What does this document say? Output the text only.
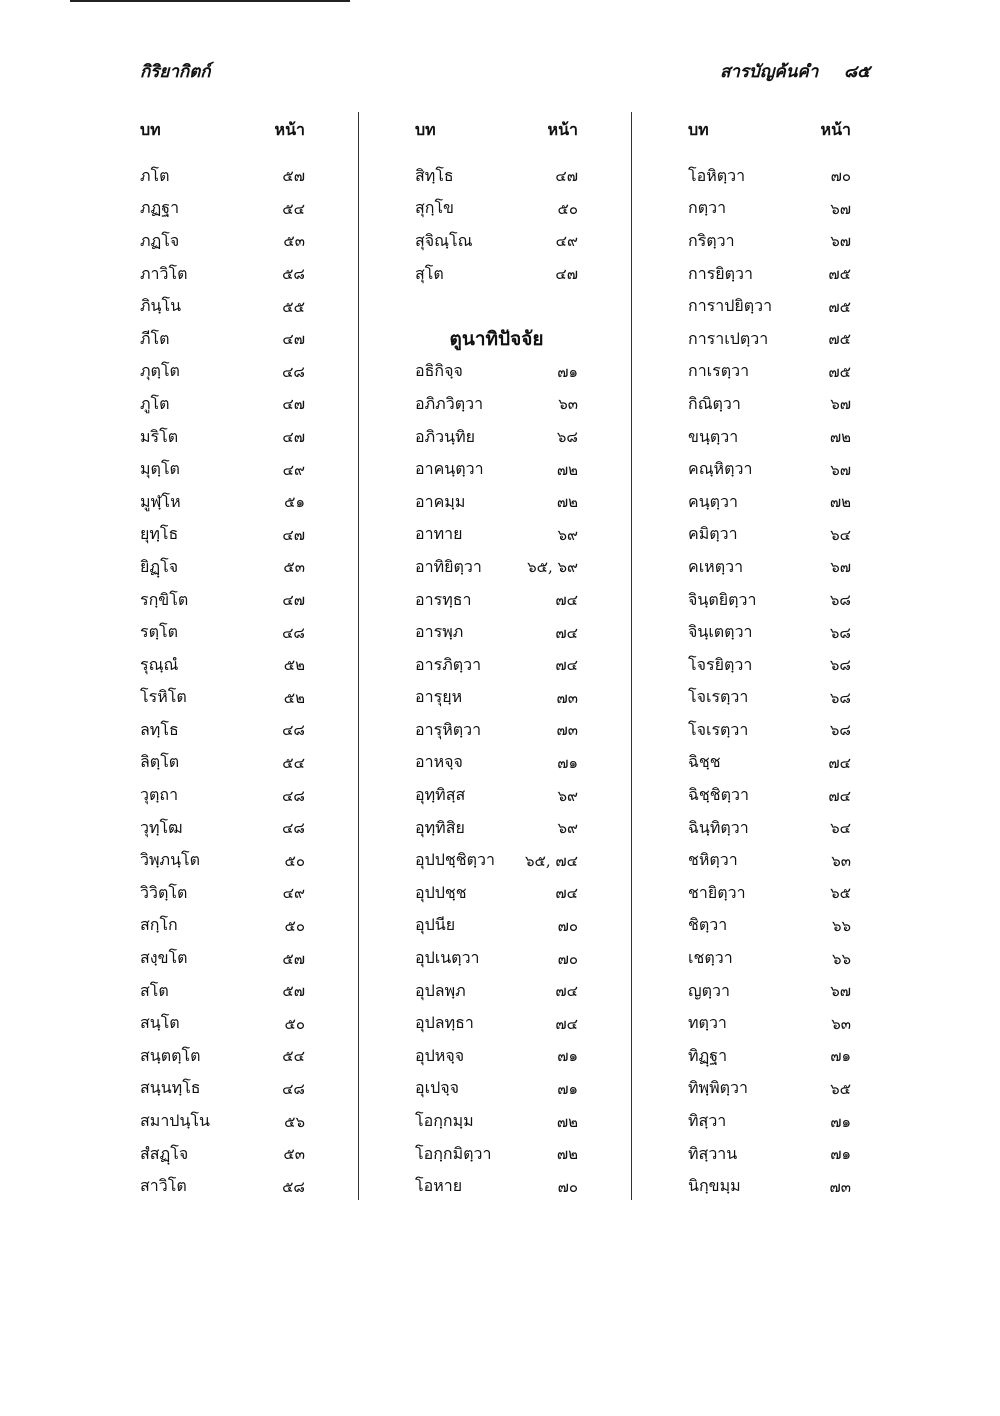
กิริยากิตก์	สารบัญค้นคำ ๘๕
บท	หน้า
ภโต	๕๗
ภฏฐา	๕๔
ภฏโจ	๕๓
ภาวิโต	๕๘
ภินฺโน	๕๕
ภีโต	๔๗
ภุตฺโต	๔๘
ภูโต	๔๗
มริโต	๔๗
มุตฺโต	๔๙
มูฬฺโห	๕๑
ยุทฺโธ	๔๗
ยิฏฺโจ	๕๓
รกฺขิโต	๔๗
รตฺโต	๔๘
รุณฺณํ	๕๒
โรหิโต	๕๒
ลทฺโธ	๔๘
ลิตฺโต	๕๔
วุตฺถา	๔๘
วุทฺโฒ	๔๘
วิพฺภนฺโต	๕๐
วิวิตฺโต	๔๙
สกฺโก	๕๐
สงฺขโต	๕๗
สโต	๕๗
สนฺโต	๕๐
สนฺตตฺโต	๕๔
สนฺนทฺโธ	๔๘
สมาปนฺโน	๕๖
สํสฏฺโจ	๕๓
สาวิโต	๕๘
บท	หน้า
สิทฺโธ	๔๗
สุกฺโข	๕๐
สุจิณฺโณ	๔๙
สุโต	๔๗
ตูนาทิปัจจัย
อธิกิจฺจ	๗๑
อภิภวิตฺวา	๖๓
อภิวนฺทิย	๖๘
อาคนฺตฺวา	๗๒
อาคมฺม	๗๒
อาทาย	๖๙
อาทิยิตฺวา	๖๕, ๖๙
อารทฺธา	๗๔
อารพฺภ	๗๔
อารภิตฺวา	๗๔
อารุยฺห	๗๓
อารุหิตฺวา	๗๓
อาหจฺจ	๗๑
อุทฺทิสฺส	๖๙
อุทฺทิสิย	๖๙
อุปปชฺชิตฺวา ๖๕, ๗๔
อุปปชฺช	๗๔
อุปนีย	๗๐
อุปเนตฺวา	๗๐
อุปลพฺภ	๗๔
อุปลทฺธา	๗๔
อุปหจฺจ	๗๑
อุเปจฺจ	๗๑
โอกฺกมฺม	๗๒
โอกฺกมิตฺวา	๗๒
โอหาย	๗๐
บท	หน้า
โอหิตฺวา	๗๐
กตฺวา	๖๗
กริตฺวา	๖๗
การยิตฺวา	๗๕
การาปยิตฺวา	๗๕
การาเปตฺวา	๗๕
กาเรตฺวา	๗๕
กิณิตฺวา	๖๗
ขนฺตฺวา	๗๒
คณฺหิตฺวา	๖๗
คนฺตฺวา	๗๒
คมิตฺวา	๖๔
คเหตฺวา	๖๗
จินฺตยิตฺวา	๖๘
จินฺเตตฺวา	๖๘
โจรยิตฺวา	๖๘
โจเรตฺวา	๖๘
โจเรตฺวา	๖๘
ฉิชฺช	๗๔
ฉิชฺชิตฺวา	๗๔
ฉินฺทิตฺวา	๖๔
ชหิตฺวา	๖๓
ชายิตฺวา	๖๕
ชิตฺวา	๖๖
เชตฺวา	๖๖
ญตฺวา	๖๗
ทตฺวา	๖๓
ทิฏฺฐา	๗๑
ทิพฺพิตฺวา	๖๕
ทิสฺวา	๗๑
ทิสฺวาน	๗๑
นิกฺขมฺม	๗๓
